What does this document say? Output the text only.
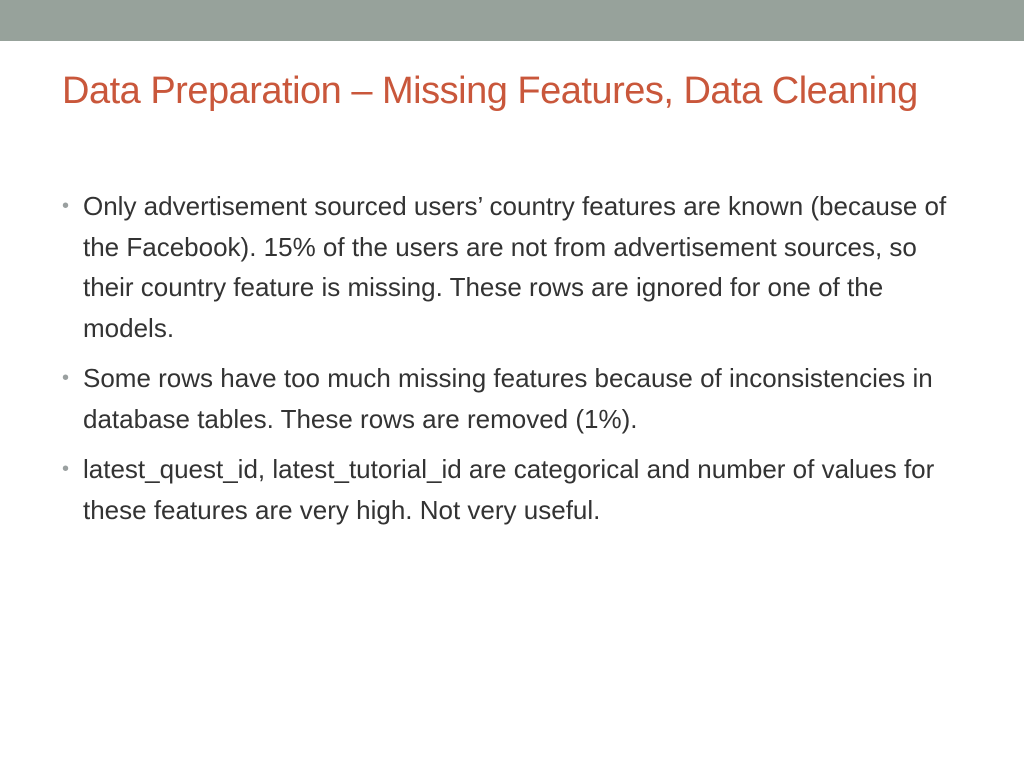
Data Preparation – Missing Features, Data Cleaning
• Only advertisement sourced users’ country features are known (because of the Facebook). 15% of the users are not from advertisement sources, so their country feature is missing. These rows are ignored for one of the models.
• Some rows have too much missing features because of inconsistencies in database tables. These rows are removed (1%).
• latest_quest_id, latest_tutorial_id are categorical and number of values for these features are very high. Not very useful.
